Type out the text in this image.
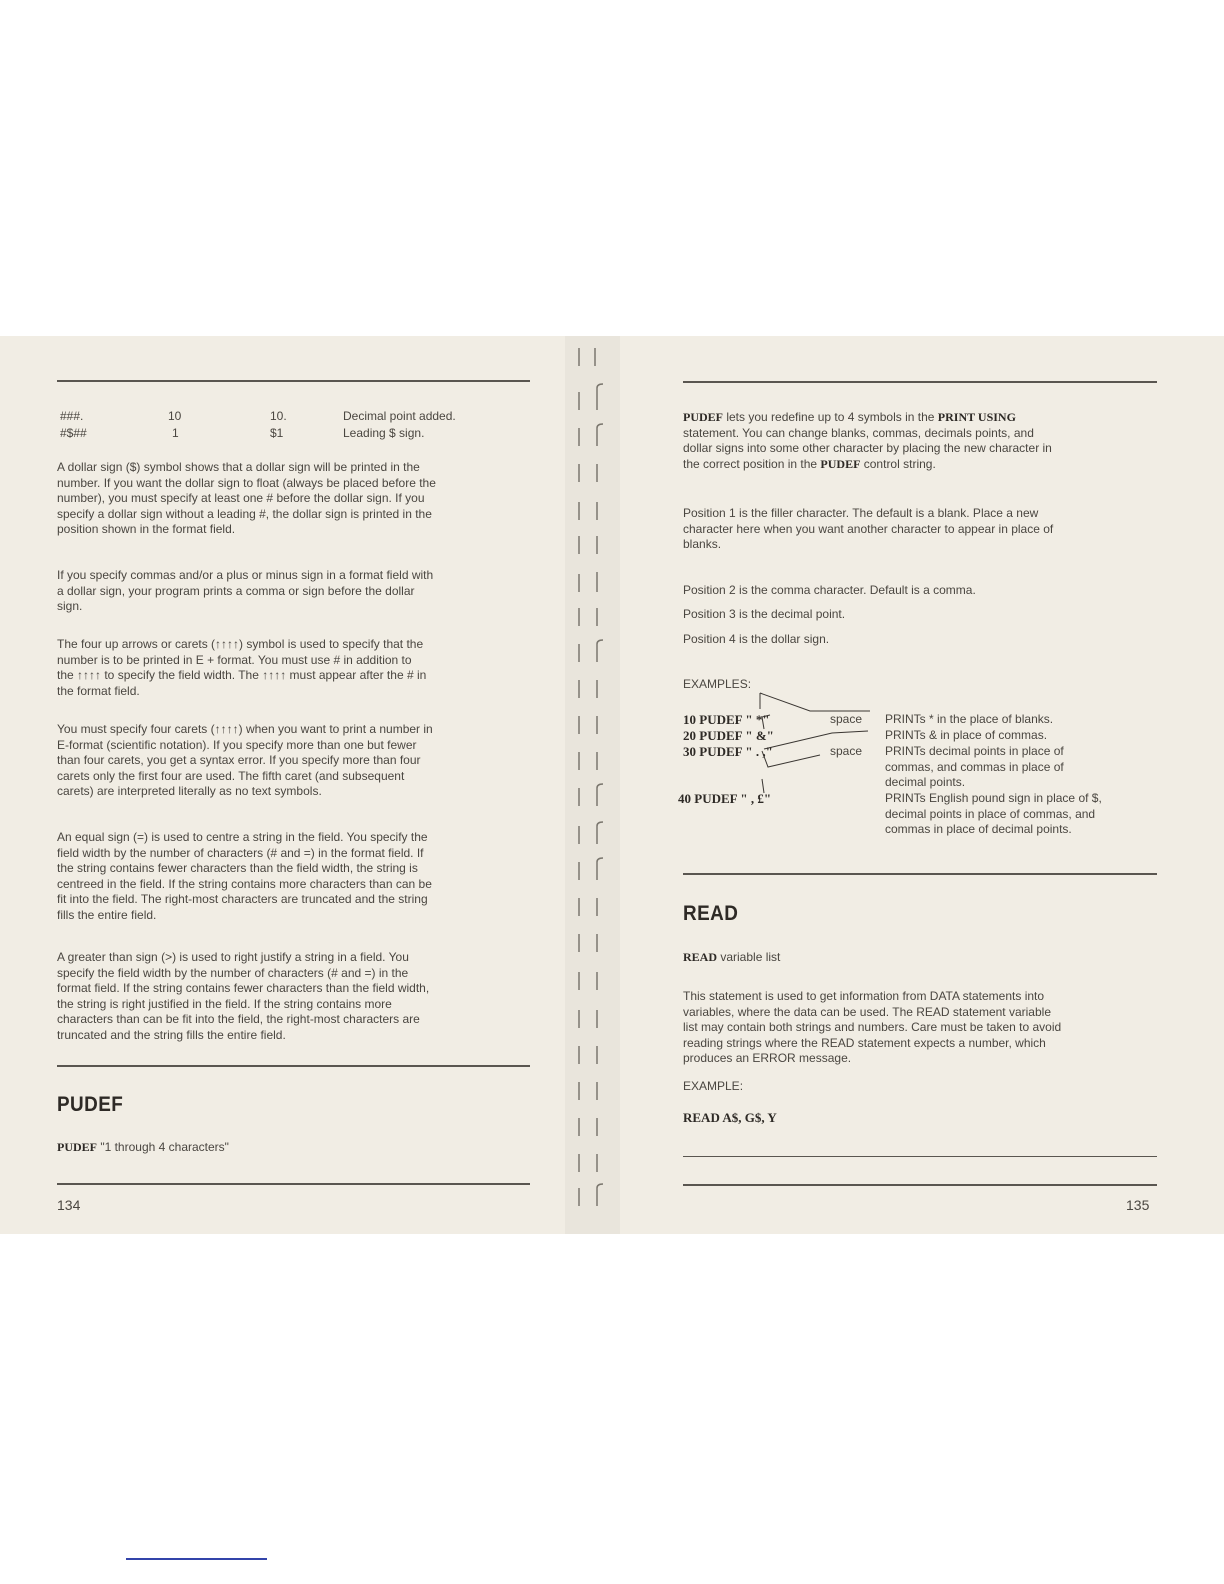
###.	10	10.	Decimal point added.
#$##	1	$1	Leading $ sign.
A dollar sign ($) symbol shows that a dollar sign will be printed in the
number. If you want the dollar sign to float (always be placed before the
number), you must specify at least one # before the dollar sign. If you
specify a dollar sign without a leading #, the dollar sign is printed in the
position shown in the format field.
If you specify commas and/or a plus or minus sign in a format field with
a dollar sign, your program prints a comma or sign before the dollar
sign.
The four up arrows or carets (↑↑↑↑) symbol is used to specify that the
number is to be printed in E + format. You must use # in addition to
the ↑↑↑↑ to specify the field width. The ↑↑↑↑ must appear after the # in
the format field.
You must specify four carets (↑↑↑↑) when you want to print a number in
E-format (scientific notation). If you specify more than one but fewer
than four carets, you get a syntax error. If you specify more than four
carets only the first four are used. The fifth caret (and subsequent
carets) are interpreted literally as no text symbols.
An equal sign (=) is used to centre a string in the field. You specify the
field width by the number of characters (# and =) in the format field. If
the string contains fewer characters than the field width, the string is
centreed in the field. If the string contains more characters than can be
fit into the field. The right-most characters are truncated and the string
fills the entire field.
A greater than sign (>) is used to right justify a string in a field. You
specify the field width by the number of characters (# and =) in the
format field. If the string contains fewer characters than the field width,
the string is right justified in the field. If the string contains more
characters than can be fit into the field, the right-most characters are
truncated and the string fills the entire field.
PUDEF
PUDEF "1 through 4 characters"
134
PUDEF lets you redefine up to 4 symbols in the PRINT USING
statement. You can change blanks, commas, decimals points, and
dollar signs into some other character by placing the new character in
the correct position in the PUDEF control string.
Position 1 is the filler character. The default is a blank. Place a new
character here when you want another character to appear in place of
blanks.
Position 2 is the comma character. Default is a comma.
Position 3 is the decimal point.
Position 4 is the dollar sign.
EXAMPLES:
10 PUDEF " *"	space PRINTs * in the place of blanks.
20 PUDEF " &"	PRINTs & in place of commas.
30 PUDEF " . ,"	space PRINTs decimal points in place of
commas, and commas in place of
decimal points.
40 PUDEF " , £"	PRINTs English pound sign in place of $,
decimal points in place of commas, and
commas in place of decimal points.
READ
READ variable list
This statement is used to get information from DATA statements into
variables, where the data can be used. The READ statement variable
list may contain both strings and numbers. Care must be taken to avoid
reading strings where the READ statement expects a number, which
produces an ERROR message.
EXAMPLE:
READ A$, G$, Y
135
